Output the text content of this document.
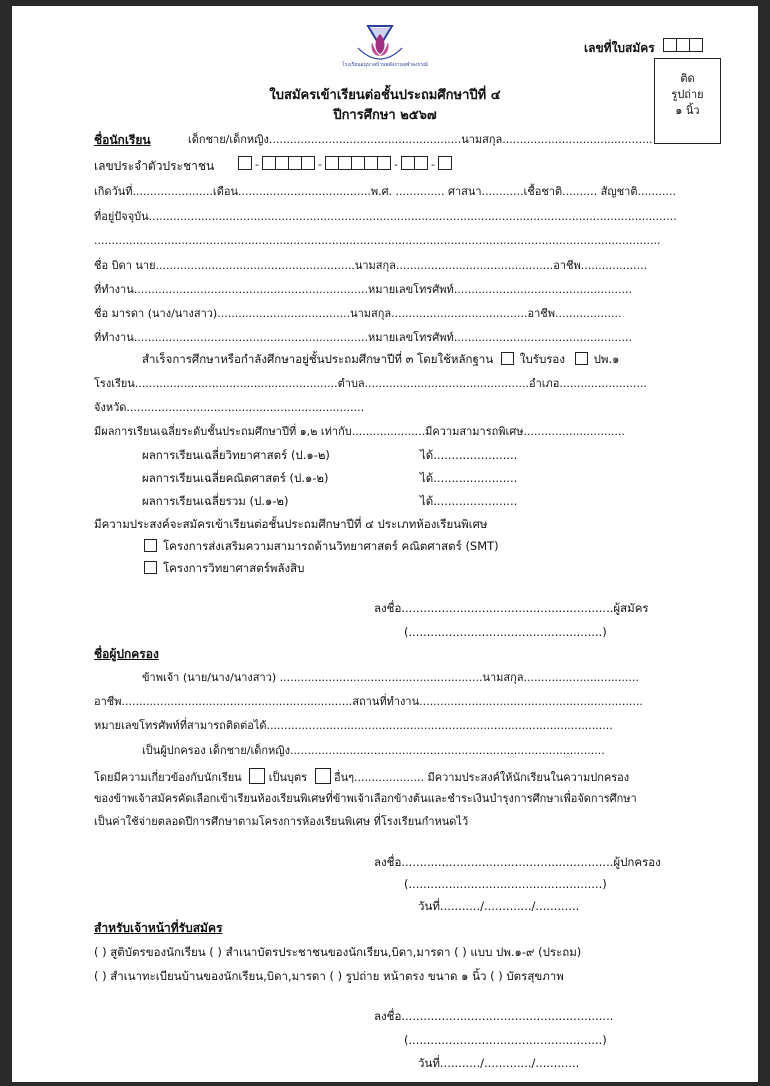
โรงเรียนอนุบาลบ้านพลังงานจุฬาลงกรณ์
เลขที่ใบสมัคร
ติด
รูปถ่าย
๑ นิ้ว
ใบสมัครเข้าเรียนต่อชั้นประถมศึกษาปีที่ ๔
ปีการศึกษา ๒๕๖๗
ชื่อนักเรียน	เด็กชาย/เด็กหญิง.......................................................นามสกุล...........................................
เลขประจำตัวประชาชน	-	-	-	-
เกิดวันที่.......................เดือน......................................พ.ศ. .............. ศาสนา............เชื้อชาติ.......... สัญชาติ...........
ที่อยู่ปัจจุบัน.......................................................................................................................................................
..................................................................................................................................................................
ชื่อ บิดา นาย.........................................................นามสกุล.............................................อาชีพ...................
ที่ทำงาน...................................................................หมายเลขโทรศัพท์...................................................
ชื่อ มารดา (นาง/นางสาว)......................................นามสกุล.......................................อาชีพ...................
ที่ทำงาน...................................................................หมายเลขโทรศัพท์...................................................
สำเร็จการศึกษาหรือกำลังศึกษาอยู่ชั้นประถมศึกษาปีที่ ๓ โดยใช้หลักฐาน ใบรับรอง ปพ.๑
โรงเรียน..........................................................ตำบล...............................................อำเภอ.........................
จังหวัด....................................................................
มีผลการเรียนเฉลี่ยระดับชั้นประถมศึกษาปีที่ ๑,๒ เท่ากับ.....................มีความสามารถพิเศษ.............................
ผลการเรียนเฉลี่ยวิทยาศาสตร์ (ป.๑-๒)	ได้.......................
ผลการเรียนเฉลี่ยคณิตศาสตร์ (ป.๑-๒)	ได้.......................
ผลการเรียนเฉลี่ยรวม (ป.๑-๒)	ได้.......................
มีความประสงค์จะสมัครเข้าเรียนต่อชั้นประถมศึกษาปีที่ ๔ ประเภทห้องเรียนพิเศษ
โครงการส่งเสริมความสามารถด้านวิทยาศาสตร์ คณิตศาสตร์ (SMT)
โครงการวิทยาศาสตร์พลังสิบ
ลงชื่อ..........................................................ผู้สมัคร
(.....................................................)
ชื่อผู้ปกครอง
ข้าพเจ้า (นาย/นาง/นางสาว) ..........................................................นามสกุล.................................
อาชีพ..................................................................สถานที่ทำงาน................................................................
หมายเลขโทรศัพท์ที่สามารถติดต่อได้...................................................................................................
เป็นผู้ปกครอง เด็กชาย/เด็กหญิง..........................................................................................
โดยมีความเกี่ยวข้องกับนักเรียน เป็นบุตร อื่นๆ.................... มีความประสงค์ให้นักเรียนในความปกครอง
ของข้าพเจ้าสมัครคัดเลือกเข้าเรียนห้องเรียนพิเศษที่ข้าพเจ้าเลือกข้างต้นและชำระเงินบำรุงการศึกษาเพื่อจัดการศึกษา
เป็นค่าใช้จ่ายตลอดปีการศึกษาตามโครงการห้องเรียนพิเศษ ที่โรงเรียนกำหนดไว้
ลงชื่อ..........................................................ผู้ปกครอง
(.....................................................)
วันที่.........../............./............
สำหรับเจ้าหน้าที่รับสมัคร
( ) สูติบัตรของนักเรียน ( ) สำเนาบัตรประชาชนของนักเรียน,บิดา,มารดา ( ) แบบ ปพ.๑-๙ (ประถม)
( ) สำเนาทะเบียนบ้านของนักเรียน,บิดา,มารดา ( ) รูปถ่าย หน้าตรง ขนาด ๑ นิ้ว ( ) บัตรสุขภาพ
ลงชื่อ..........................................................
(.....................................................)
วันที่.........../............./............
